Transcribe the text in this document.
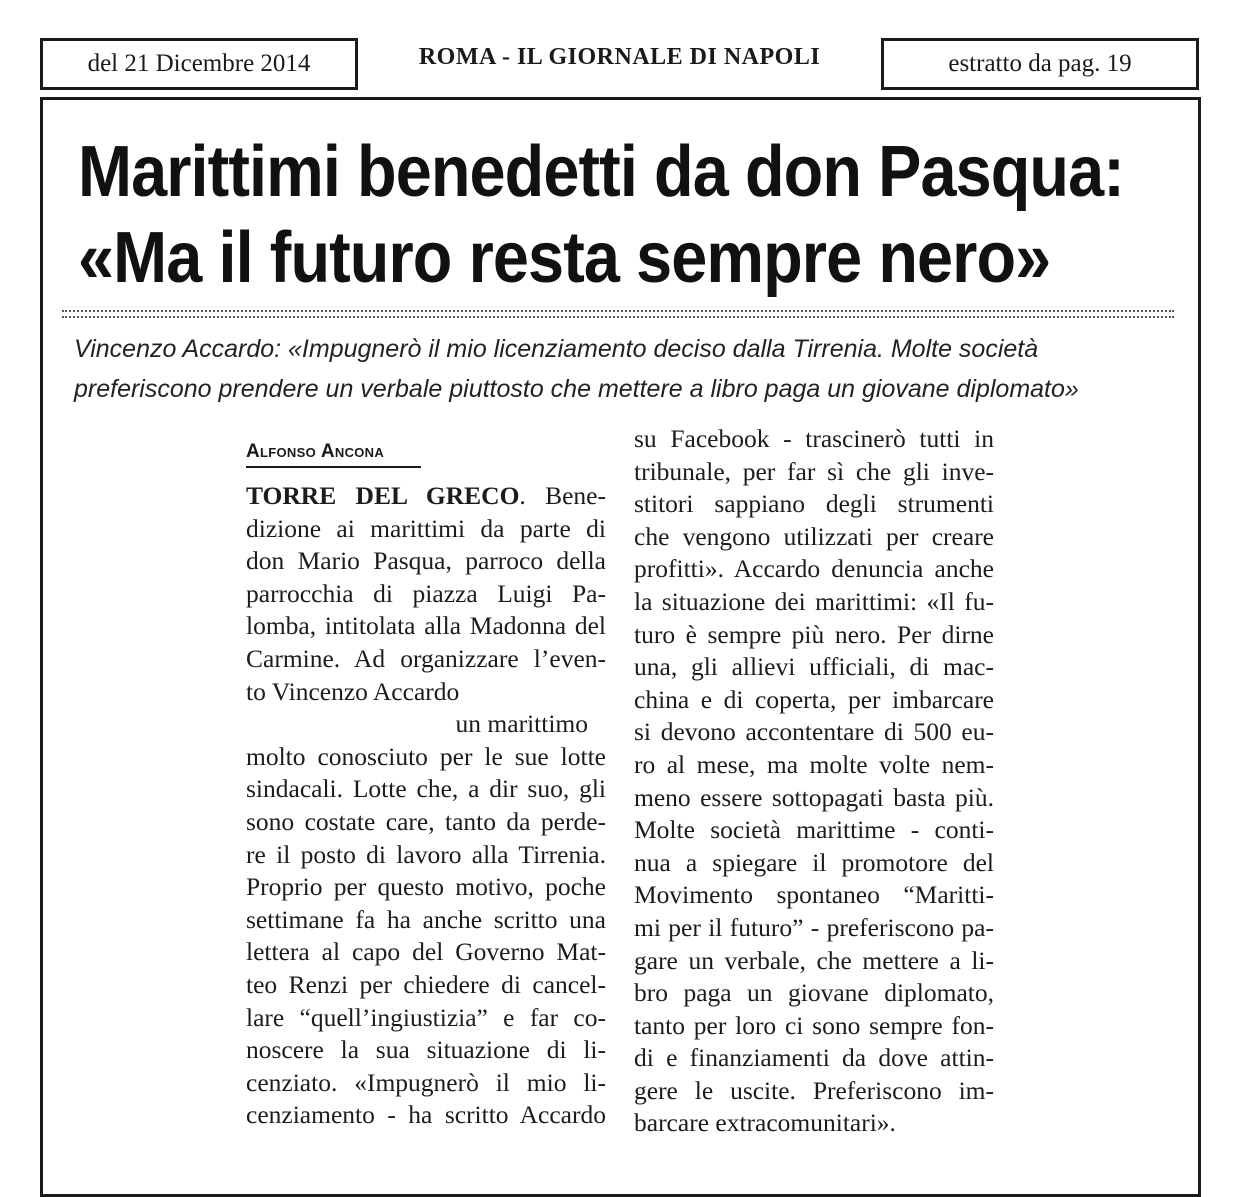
del 21 Dicembre 2014	ROMA - IL GIORNALE DI NAPOLI	estratto da pag. 19
Marittimi benedetti da don Pasqua:
«Ma il futuro resta sempre nero»

Vincenzo Accardo: «Impugnerò il mio licenziamento deciso dalla Tirrenia. Molte società

preferiscono prendere un verbale piuttosto che mettere a libro paga un giovane diplomato»

Alfonso Ancona
TORRE DEL GRECO. Bene-
dizione ai marittimi da parte di
don Mario Pasqua, parroco della
parrocchia di piazza Luigi Pa-
lomba, intitolata alla Madonna del
Carmine. Ad organizzare l’even-
to Vincenzo Accardo
un marittimo
molto conosciuto per le sue lotte
sindacali. Lotte che, a dir suo, gli
sono costate care, tanto da perde-
re il posto di lavoro alla Tirrenia.
Proprio per questo motivo, poche
settimane fa ha anche scritto una
lettera al capo del Governo Mat-
teo Renzi per chiedere di cancel-
lare “quell’ingiustizia” e far co-
noscere la sua situazione di li-
cenziato. «Impugnerò il mio li-
cenziamento - ha scritto Accardo
su Facebook - trascinerò tutti in
tribunale, per far sì che gli inve-
stitori sappiano degli strumenti
che vengono utilizzati per creare
profitti». Accardo denuncia anche
la situazione dei marittimi: «Il fu-
turo è sempre più nero. Per dirne
una, gli allievi ufficiali, di mac-
china e di coperta, per imbarcare
si devono accontentare di 500 eu-
ro al mese, ma molte volte nem-
meno essere sottopagati basta più.
Molte società marittime - conti-
nua a spiegare il promotore del
Movimento spontaneo “Maritti-
mi per il futuro” - preferiscono pa-
gare un verbale, che mettere a li-
bro paga un giovane diplomato,
tanto per loro ci sono sempre fon-
di e finanziamenti da dove attin-
gere le uscite. Preferiscono im-
barcare extracomunitari».
